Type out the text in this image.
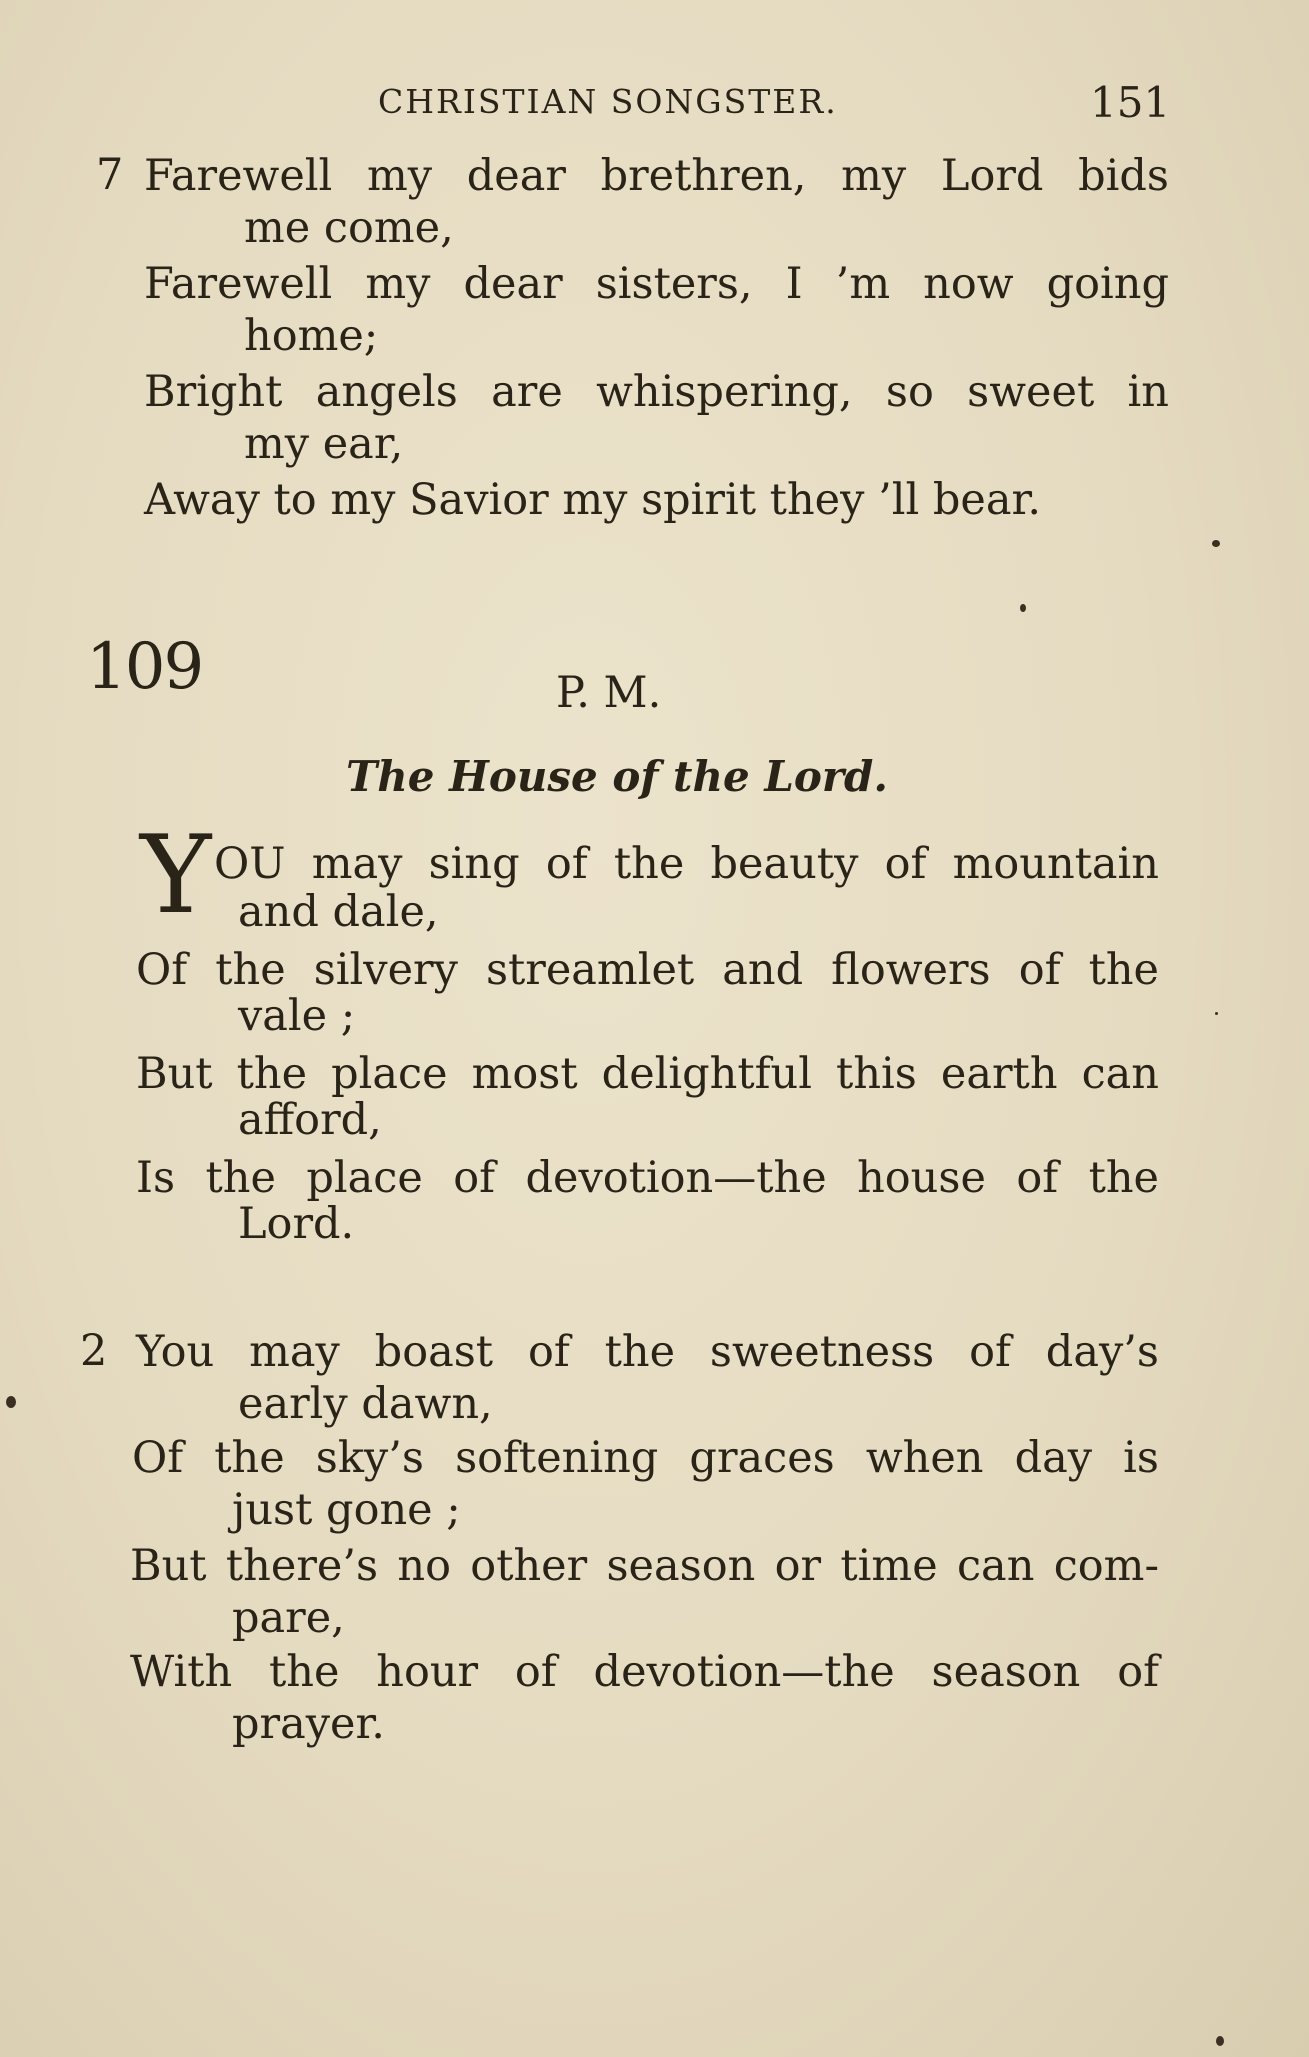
CHRISTIAN SONGSTER.	151
7 Farewell my dear brethren, my Lord bids
me come,
Farewell my dear sisters, I ’m now going
home;
Bright angels are whispering, so sweet in
my ear,
Away to my Savior my spirit they ’ll bear.
109	P. M.
The House of the Lord.
Y OU may sing of the beauty of mountain
and dale,
Of the silvery streamlet and flowers of the
vale ;
But the place most delightful this earth can
afford,
Is the place of devotion—the house of the
Lord.
2 You may boast of the sweetness of day’s
early dawn,
Of the sky’s softening graces when day is
just gone ;
But there’s no other season or time can com-
pare,
With the hour of devotion—the season of
prayer.
